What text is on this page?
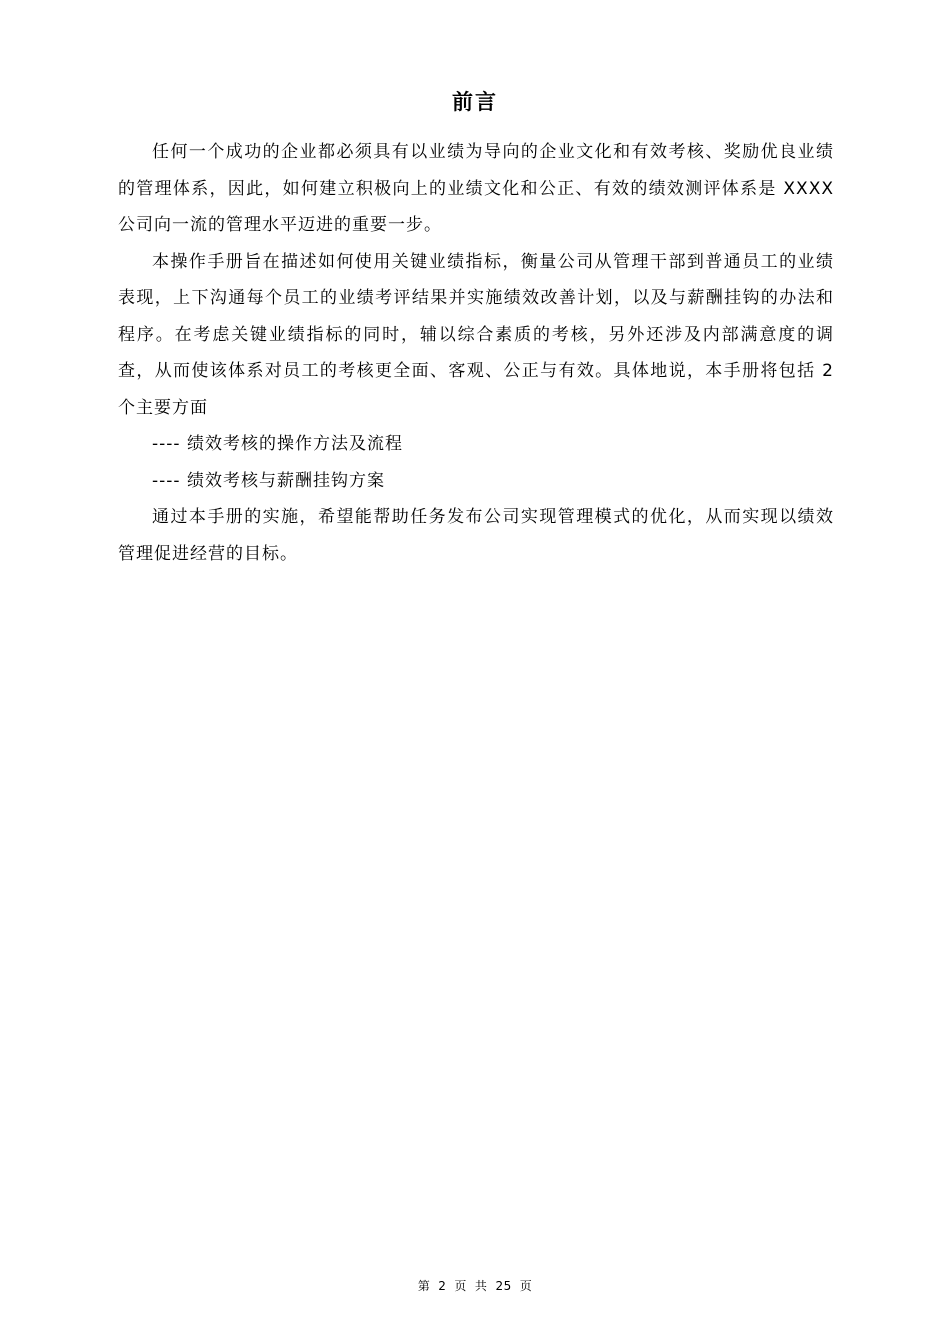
前言

任何一个成功的企业都必须具有以业绩为导向的企业文化和有效考核、奖励优良业绩的管理体系，因此，如何建立积极向上的业绩文化和公正、有效的绩效测评体系是 XXXX 公司向一流的管理水平迈进的重要一步。

本操作手册旨在描述如何使用关键业绩指标，衡量公司从管理干部到普通员工的业绩表现，上下沟通每个员工的业绩考评结果并实施绩效改善计划，以及与薪酬挂钩的办法和程序。在考虑关键业绩指标的同时，辅以综合素质的考核，另外还涉及内部满意度的调查，从而使该体系对员工的考核更全面、客观、公正与有效。具体地说，本手册将包括 2 个主要方面

---- 绩效考核的操作方法及流程

---- 绩效考核与薪酬挂钩方案

通过本手册的实施，希望能帮助任务发布公司实现管理模式的优化，从而实现以绩效管理促进经营的目标。

第 2 页 共 25 页
